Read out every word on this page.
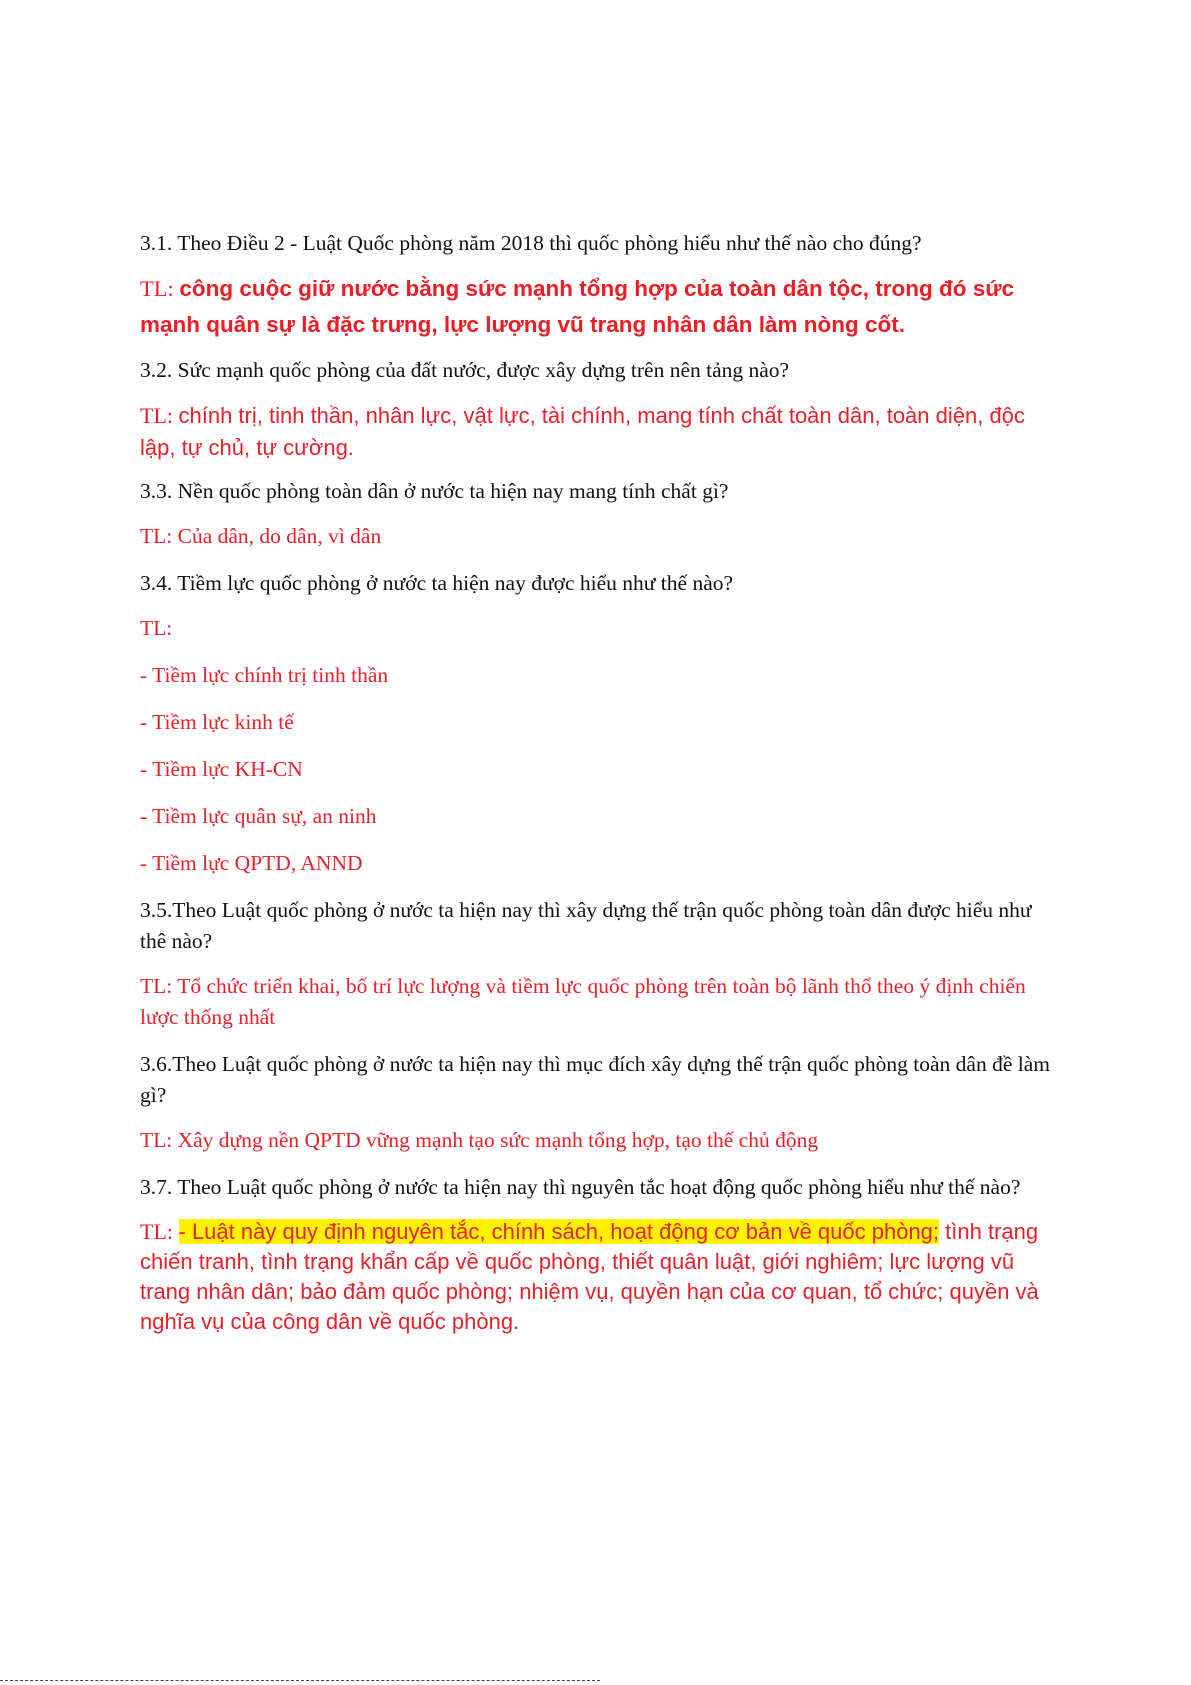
3.1. Theo Điều 2 - Luật Quốc phòng năm 2018 thì quốc phòng hiểu như thế nào cho đúng?

TL: công cuộc giữ nước bằng sức mạnh tổng hợp của toàn dân tộc, trong đó sức mạnh quân sự là đặc trưng, lực lượng vũ trang nhân dân làm nòng cốt.

3.2. Sức mạnh quốc phòng của đất nước, được xây dựng trên nên tảng nào?

TL: chính trị, tinh thần, nhân lực, vật lực, tài chính, mang tính chất toàn dân, toàn diện, độc lập, tự chủ, tự cường.

3.3. Nền quốc phòng toàn dân ở nước ta hiện nay mang tính chất gì?

TL: Của dân, do dân, vì dân

3.4. Tiềm lực quốc phòng ở nước ta hiện nay được hiểu như thế nào?

TL:

- Tiềm lực chính trị tinh thần

- Tiềm lực kinh tế

- Tiềm lực KH-CN

- Tiềm lực quân sự, an ninh

- Tiềm lực QPTD, ANND

3.5.Theo Luật quốc phòng ở nước ta hiện nay thì xây dựng thế trận quốc phòng toàn dân được hiểu như thê nào?

TL: Tổ chức triển khai, bố trí lực lượng và tiềm lực quốc phòng trên toàn bộ lãnh thổ theo ý định chiến lược thống nhất

3.6.Theo Luật quốc phòng ở nước ta hiện nay thì mục đích xây dựng thế trận quốc phòng toàn dân đề làm gì?

TL: Xây dựng nền QPTD vững mạnh tạo sức mạnh tổng hợp, tạo thế chủ động

3.7. Theo Luật quốc phòng ở nước ta hiện nay thì nguyên tắc hoạt động quốc phòng hiểu như thế nào?

TL: - Luật này quy định nguyên tắc, chính sách, hoạt động cơ bản về quốc phòng; tình trạng chiến tranh, tình trạng khẩn cấp về quốc phòng, thiết quân luật, giới nghiêm; lực lượng vũ trang nhân dân; bảo đảm quốc phòng; nhiệm vụ, quyền hạn của cơ quan, tổ chức; quyền và nghĩa vụ của công dân về quốc phòng.
